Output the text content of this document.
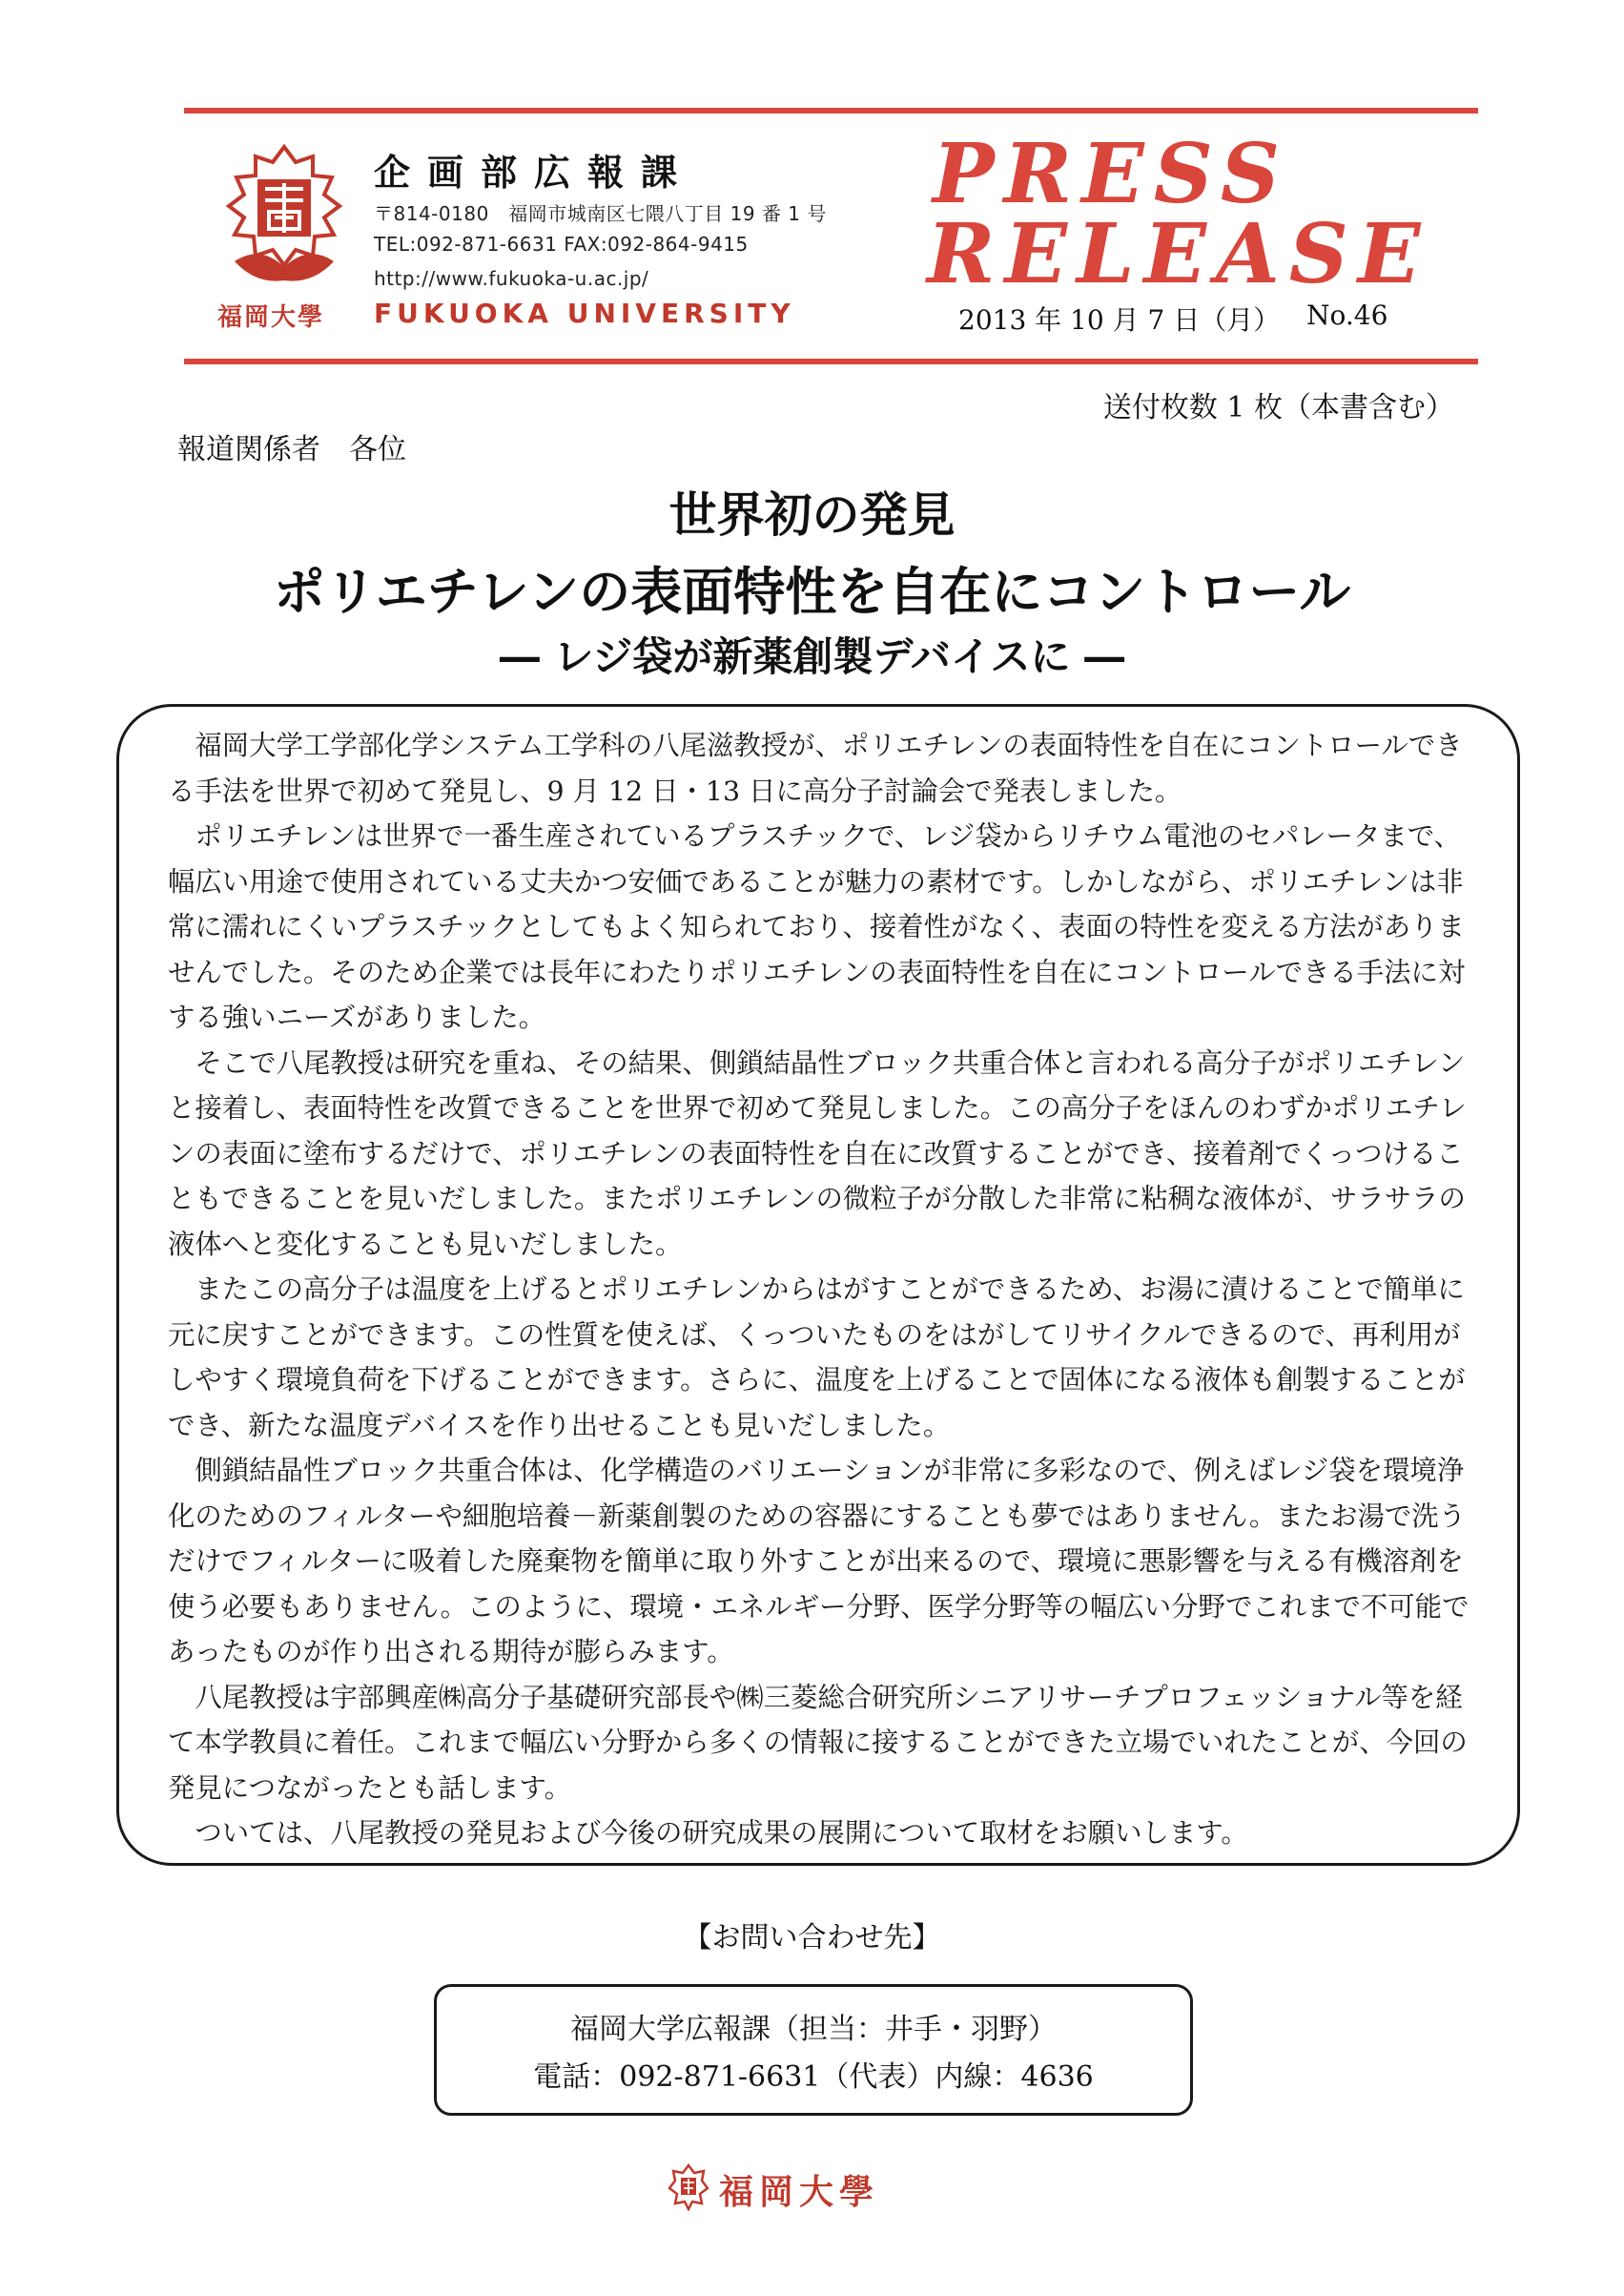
企画部広報課
〒814-0180　福岡市城南区七隈八丁目 19 番 1 号
TEL:092-871-6631 FAX:092-864-9415
http://www.fukuoka-u.ac.jp/
福岡大學 FUKUOKA UNIVERSITY
PRESS
RELEASE
2013 年 10 月 7 日（月） No.46
送付枚数 1 枚（本書含む）
報道関係者　各位
世界初の発見
ポリエチレンの表面特性を自在にコントロール
― レジ袋が新薬創製デバイスに ―

福岡大学工学部化学システム工学科の八尾滋教授が、ポリエチレンの表面特性を自在にコントロールできる手法を世界で初めて発見し、9 月 12 日・13 日に高分子討論会で発表しました。

ポリエチレンは世界で一番生産されているプラスチックで、レジ袋からリチウム電池のセパレータまで、幅広い用途で使用されている丈夫かつ安価であることが魅力の素材です。しかしながら、ポリエチレンは非常に濡れにくいプラスチックとしてもよく知られており、接着性がなく、表面の特性を変える方法がありませんでした。そのため企業では長年にわたりポリエチレンの表面特性を自在にコントロールできる手法に対する強いニーズがありました。

そこで八尾教授は研究を重ね、その結果、側鎖結晶性ブロック共重合体と言われる高分子がポリエチレンと接着し、表面特性を改質できることを世界で初めて発見しました。この高分子をほんのわずかポリエチレンの表面に塗布するだけで、ポリエチレンの表面特性を自在に改質することができ、接着剤でくっつけることもできることを見いだしました。またポリエチレンの微粒子が分散した非常に粘稠な液体が、サラサラの液体へと変化することも見いだしました。

またこの高分子は温度を上げるとポリエチレンからはがすことができるため、お湯に漬けることで簡単に元に戻すことができます。この性質を使えば、くっついたものをはがしてリサイクルできるので、再利用がしやすく環境負荷を下げることができます。さらに、温度を上げることで固体になる液体も創製することができ、新たな温度デバイスを作り出せることも見いだしました。

側鎖結晶性ブロック共重合体は、化学構造のバリエーションが非常に多彩なので、例えばレジ袋を環境浄化のためのフィルターや細胞培養－新薬創製のための容器にすることも夢ではありません。またお湯で洗うだけでフィルターに吸着した廃棄物を簡単に取り外すことが出来るので、環境に悪影響を与える有機溶剤を使う必要もありません。このように、環境・エネルギー分野、医学分野等の幅広い分野でこれまで不可能であったものが作り出される期待が膨らみます。

八尾教授は宇部興産㈱高分子基礎研究部長や㈱三菱総合研究所シニアリサーチプロフェッショナル等を経て本学教員に着任。これまで幅広い分野から多くの情報に接することができた立場でいれたことが、今回の発見につながったとも話します。

ついては、八尾教授の発見および今後の研究成果の展開について取材をお願いします。

【お問い合わせ先】
福岡大学広報課（担当：井手・羽野）
電話：092-871-6631（代表）内線：4636
福岡大學
